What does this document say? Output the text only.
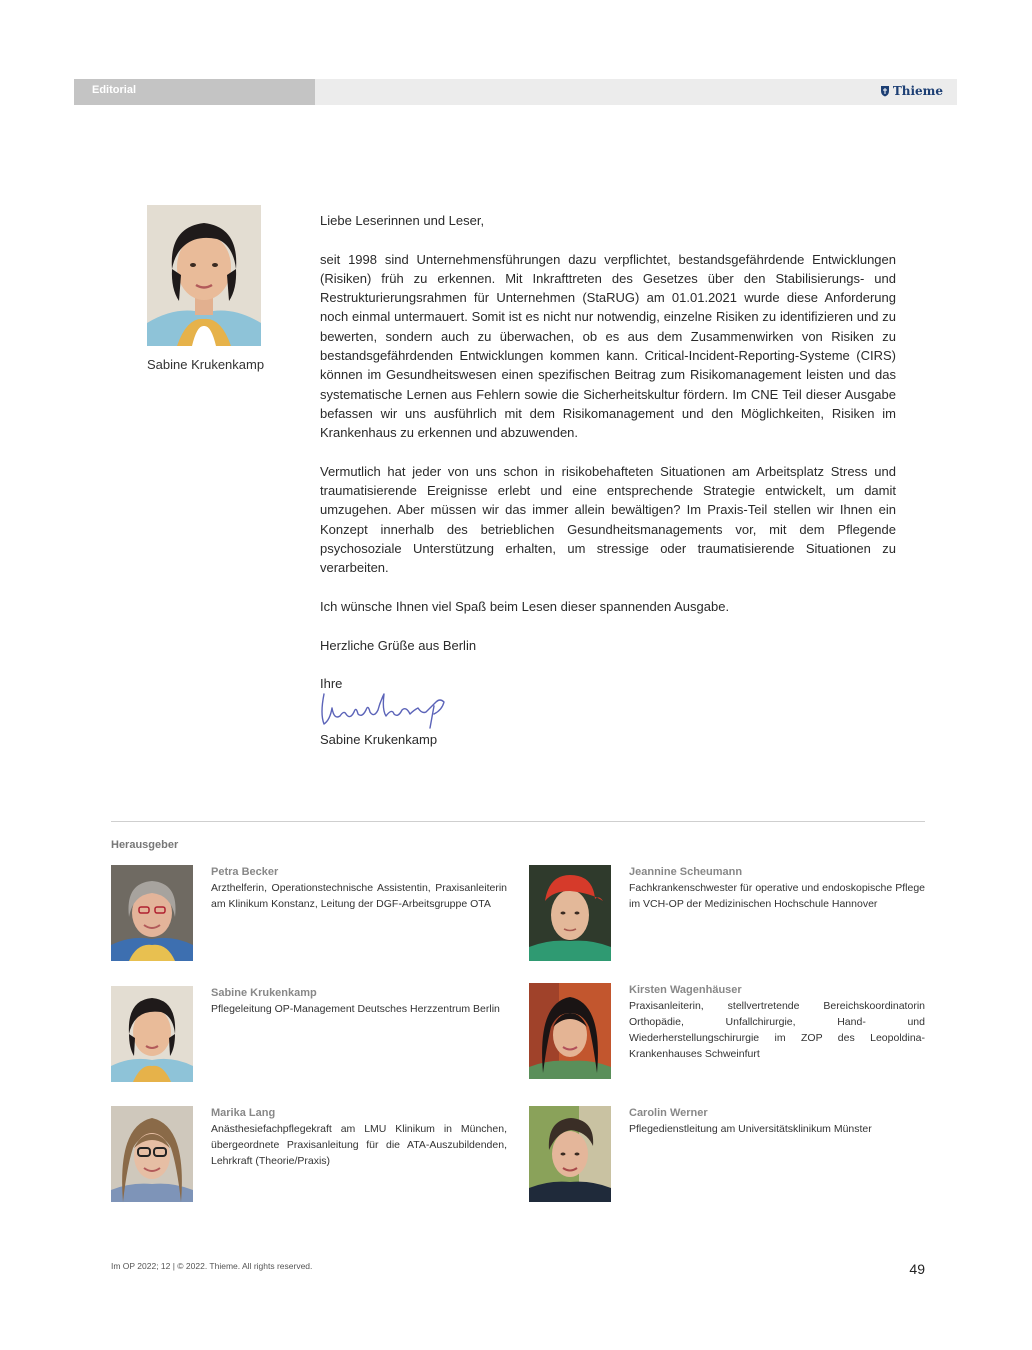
Editorial	Thieme
Sabine Krukenkamp

Liebe Leserinnen und Leser,

seit 1998 sind Unternehmensführungen dazu verpflichtet, bestandsgefährdende Entwicklungen (Risiken) früh zu erkennen. Mit Inkrafttreten des Gesetzes über den Stabilisierungs- und Restrukturierungsrahmen für Unternehmen (StaRUG) am 01.01.2021 wurde diese Anforderung noch einmal untermauert. Somit ist es nicht nur notwendig, einzelne Risiken zu identifizieren und zu bewerten, sondern auch zu überwachen, ob es aus dem Zusammenwirken von Risiken zu bestandsgefährdenden Entwicklungen kommen kann. Critical-Incident-Reporting-Systeme (CIRS) können im Gesundheitswesen einen spezifischen Beitrag zum Risikomanagement leisten und das systematische Lernen aus Fehlern sowie die Sicherheitskultur fördern. Im CNE Teil dieser Ausgabe befassen wir uns ausführlich mit dem Risikomanagement und den Möglichkeiten, Risiken im Krankenhaus zu erkennen und abzuwenden.

Vermutlich hat jeder von uns schon in risikobehafteten Situationen am Arbeitsplatz Stress und traumatisierende Ereignisse erlebt und eine entsprechende Strategie entwickelt, um damit umzugehen. Aber müssen wir das immer allein bewältigen? Im Praxis-Teil stellen wir Ihnen ein Konzept innerhalb des betrieblichen Gesundheitsmanagements vor, mit dem Pflegende psychosoziale Unterstützung erhalten, um stressige oder traumatisierende Situationen zu verarbeiten.

Ich wünsche Ihnen viel Spaß beim Lesen dieser spannenden Ausgabe.

Herzliche Grüße aus Berlin

Ihre

Sabine Krukenkamp
Herausgeber
Petra Becker
Arzthelferin, Operationstechnische Assistentin, Praxisanleiterin am Klinikum Konstanz, Leitung der DGF-Arbeitsgruppe OTA
Jeannine Scheumann
Fachkrankenschwester für operative und endoskopische Pflege im VCH-OP der Medizinischen Hochschule Hannover
Sabine Krukenkamp
Pflegeleitung OP-Management Deutsches Herzzentrum Berlin
Kirsten Wagenhäuser
Praxisanleiterin, stellvertretende Bereichskoordinatorin Orthopädie, Unfallchirurgie, Hand- und Wiederherstellungschirurgie im ZOP des Leopoldina-Krankenhauses Schweinfurt
Marika Lang
Anästhesiefachpflegekraft am LMU Klinikum in München, übergeordnete Praxisanleitung für die ATA-Auszubildenden, Lehrkraft (Theorie/Praxis)
Carolin Werner
Pflegedienstleitung am Universitätsklinikum Münster
Im OP 2022; 12 | © 2022. Thieme. All rights reserved.	49
